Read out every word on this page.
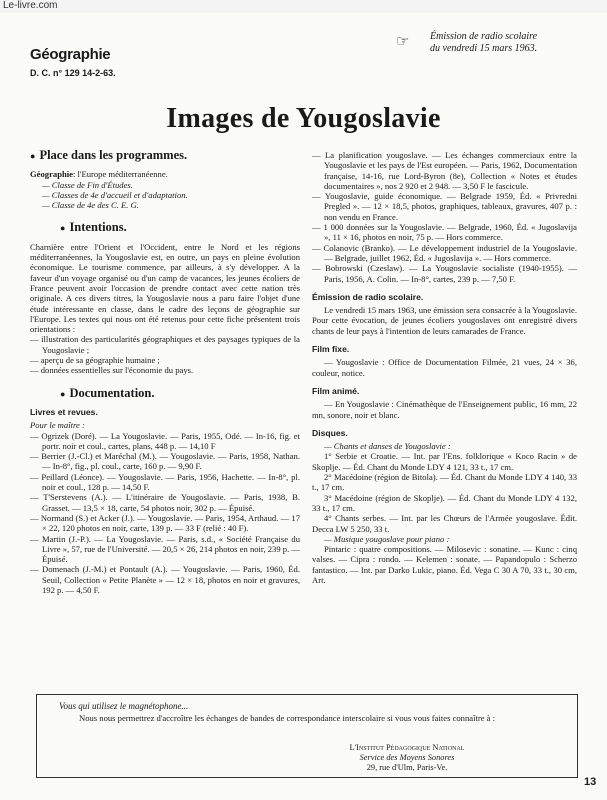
Le-livre.com
Géographie
D. C. n° 129 14-2-63.
☞ Émission de radio scolaire
du vendredi 15 mars 1963.
Images de Yougoslavie
● Place dans les programmes.

Géographie: l'Europe méditerranéenne.

— Classe de Fin d'Études.

— Classes de 4e d'accueil et d'adaptation.

— Classe de 4e des C. E. G.

● Intentions.

Charnière entre l'Orient et l'Occident, entre le Nord et les régions méditerranéennes, la Yougoslavie est, en outre, un pays en pleine évolution économique. Le tourisme commence, par ailleurs, à s'y développer. A la faveur d'un voyage organisé ou d'un camp de vacances, les jeunes écoliers de France peuvent avoir l'occasion de prendre contact avec cette nation très originale. A ces divers titres, la Yougoslavie nous a paru faire l'objet d'une étude intéressante en classe, dans le cadre des leçons de géographie sur l'Europe. Les textes qui nous ont été retenus pour cette fiche présentent trois orientations :

— illustration des particularités géographiques et des paysages typiques de la Yougoslavie ;

— aperçu de sa géographie humaine ;

— données essentielles sur l'économie du pays.

● Documentation.
Livres et revues.

Pour le maître :

— Ogrizek (Doré). — La Yougoslavie. — Paris, 1955, Odé. — In-16, fig. et portr. noir et coul., cartes, plans, 448 p. — 14,10 F

— Berrier (J.-Cl.) et Maréchal (M.). — Yougoslavie. — Paris, 1958, Nathan. — In-8°, fig., pl. coul., carte, 160 p. — 9,90 F.

— Peillard (Léonce). — Yougoslavie. — Paris, 1956, Hachette. — In-8°, pl. noir et coul., 128 p. — 14,50 F.

— T'Serstevens (A.). — L'itinéraire de Yougoslavie. — Paris, 1938, B. Grasset. — 13,5 × 18, carte, 54 photos noir, 302 p. — Épuisé.

— Normand (S.) et Acker (J.). — Yougoslavie. — Paris, 1954, Arthaud. — 17 × 22, 120 photos en noir, carte, 139 p. — 33 F (relié : 40 F).

— Martin (J.-P.). — La Yougoslavie. — Paris, s.d., « Société Française du Livre », 57, rue de l'Université. — 20,5 × 26, 214 photos en noir, 239 p. — Épuisé.

— Domenach (J.-M.) et Pontault (A.). — Yougoslavie. — Paris, 1960, Éd. Seuil, Collection « Petite Planète » — 12 × 18, photos en noir et gravures, 192 p. — 4,50 F.

— La planification yougoslave. — Les échanges commerciaux entre la Yougoslavie et les pays de l'Est européen. — Paris, 1962, Documentation française, 14-16, rue Lord-Byron (8e), Collection « Notes et études documentaires », nos 2 920 et 2 948. — 3,50 F le fascicule.

— Yougoslavie, guide économique. — Belgrade 1959, Éd. « Privredni Pregled ». — 12 × 18,5, photos, graphiques, tableaux, gravures, 407 p. : non vendu en France.

— 1 000 données sur la Yougoslavie. — Belgrade, 1960, Éd. « Jugoslavija », 11 × 16, photos en noir, 75 p. — Hors commerce.

— Colanovic (Branko). — Le développement industriel de la Yougoslavie. — Belgrade, juillet 1962, Éd. « Jugoslavija ». — Hors commerce.

— Bobrowski (Czeslaw). — La Yougoslavie socialiste (1940-1955). — Paris, 1956, A. Colin. — In-8°, cartes, 239 p. — 7,50 F.

Émission de radio scolaire.

Le vendredi 15 mars 1963, une émission sera consacrée à la Yougoslavie. Pour cette évocation, de jeunes écoliers yougoslaves ont enregistré divers chants de leur pays à l'intention de leurs camarades de France.

Film fixe.

— Yougoslavie : Office de Documentation Filmée, 21 vues, 24 × 36, couleur, notice.

Film animé.

— En Yougoslavie : Cinémathèque de l'Enseignement public, 16 mm, 22 mn, sonore, noir et blanc.

Disques.

— Chants et danses de Yougoslavie :

1° Serbie et Croatie. — Int. par l'Ens. folklorique « Koco Racin » de Skoplje. — Éd. Chant du Monde LDY 4 121, 33 t., 17 cm.

2° Macédoine (région de Bitola). — Éd. Chant du Monde LDY 4 140, 33 t., 17 cm.

3° Macédoine (région de Skoplje). — Éd. Chant du Monde LDY 4 132, 33 t., 17 cm.

4° Chants serbes. — Int. par les Chœurs de l'Armée yougoslave. Édit. Decca LW 5 250, 33 t.

— Musique yougoslave pour piano :

Pintaric : quatre compositions. — Milosevic : sonatine. — Kunc : cinq valses. — Cipra : rondo. — Kelemen : sonate. — Papandopulo : Scherzo fantastico. — Int. par Darko Lukic, piano. Éd. Vega C 30 A 70, 33 t., 30 cm, Art.

Vous qui utilisez le magnétophone...
Nous nous permettrez d'accroître les échanges de bandes de correspondance interscolaire si vous vous faites connaître à :
L'Institut Pédagogique National
Service des Moyens Sonores
29, rue d'Ulm, Paris-Ve.
13
